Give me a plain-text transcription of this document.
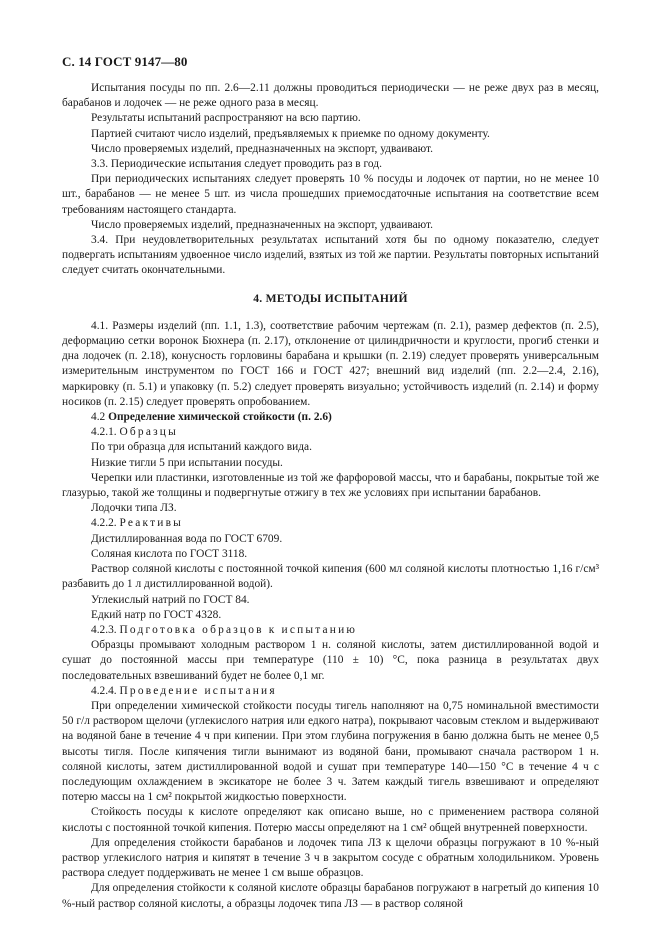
С. 14 ГОСТ 9147—80

Испытания посуды по пп. 2.6—2.11 должны проводиться периодически — не реже двух раз в месяц, барабанов и лодочек — не реже одного раза в месяц.

Результаты испытаний распространяют на всю партию.

Партией считают число изделий, предъявляемых к приемке по одному документу.

Число проверяемых изделий, предназначенных на экспорт, удваивают.

3.3. Периодические испытания следует проводить раз в год.

При периодических испытаниях следует проверять 10 % посуды и лодочек от партии, но не менее 10 шт., барабанов — не менее 5 шт. из числа прошедших приемосдаточные испытания на соответствие всем требованиям настоящего стандарта.

Число проверяемых изделий, предназначенных на экспорт, удваивают.

3.4. При неудовлетворительных результатах испытаний хотя бы по одному показателю, следует подвергать испытаниям удвоенное число изделий, взятых из той же партии. Результаты повторных испытаний следует считать окончательными.

4. МЕТОДЫ ИСПЫТАНИЙ

4.1. Размеры изделий (пп. 1.1, 1.3), соответствие рабочим чертежам (п. 2.1), размер дефектов (п. 2.5), деформацию сетки воронок Бюхнера (п. 2.17), отклонение от цилиндричности и круглости, прогиб стенки и дна лодочек (п. 2.18), конусность горловины барабана и крышки (п. 2.19) следует проверять универсальным измерительным инструментом по ГОСТ 166 и ГОСТ 427; внешний вид изделий (пп. 2.2—2.4, 2.16), маркировку (п. 5.1) и упаковку (п. 5.2) следует проверять визуально; устойчивость изделий (п. 2.14) и форму носиков (п. 2.15) следует проверять опробованием.

4.2 Определение химической стойкости (п. 2.6)

4.2.1. Образцы

По три образца для испытаний каждого вида.

Низкие тигли 5 при испытании посуды.

Черепки или пластинки, изготовленные из той же фарфоровой массы, что и барабаны, покрытые той же глазурью, такой же толщины и подвергнутые отжигу в тех же условиях при испытании барабанов.

Лодочки типа ЛЗ.

4.2.2. Реактивы

Дистиллированная вода по ГОСТ 6709.

Соляная кислота по ГОСТ 3118.

Раствор соляной кислоты с постоянной точкой кипения (600 мл соляной кислоты плотностью 1,16 г/см³ разбавить до 1 л дистиллированной водой).

Углекислый натрий по ГОСТ 84.

Едкий натр по ГОСТ 4328.

4.2.3. Подготовка образцов к испытанию

Образцы промывают холодным раствором 1 н. соляной кислоты, затем дистиллированной водой и сушат до постоянной массы при температуре (110 ± 10) °С, пока разница в результатах двух последовательных взвешиваний будет не более 0,1 мг.

4.2.4. Проведение испытания

При определении химической стойкости посуды тигель наполняют на 0,75 номинальной вместимости 50 г/л раствором щелочи (углекислого натрия или едкого натра), покрывают часовым стеклом и выдерживают на водяной бане в течение 4 ч при кипении. При этом глубина погружения в баню должна быть не менее 0,5 высоты тигля. После кипячения тигли вынимают из водяной бани, промывают сначала раствором 1 н. соляной кислоты, затем дистиллированной водой и сушат при температуре 140—150 °С в течение 4 ч с последующим охлаждением в эксикаторе не более 3 ч. Затем каждый тигель взвешивают и определяют потерю массы на 1 см² покрытой жидкостью поверхности.

Стойкость посуды к кислоте определяют как описано выше, но с применением раствора соляной кислоты с постоянной точкой кипения. Потерю массы определяют на 1 см² общей внутренней поверхности.

Для определения стойкости барабанов и лодочек типа ЛЗ к щелочи образцы погружают в 10 %-ный раствор углекислого натрия и кипятят в течение 3 ч в закрытом сосуде с обратным холодильником. Уровень раствора следует поддерживать не менее 1 см выше образцов.

Для определения стойкости к соляной кислоте образцы барабанов погружают в нагретый до кипения 10 %-ный раствор соляной кислоты, а образцы лодочек типа ЛЗ — в раствор соляной
